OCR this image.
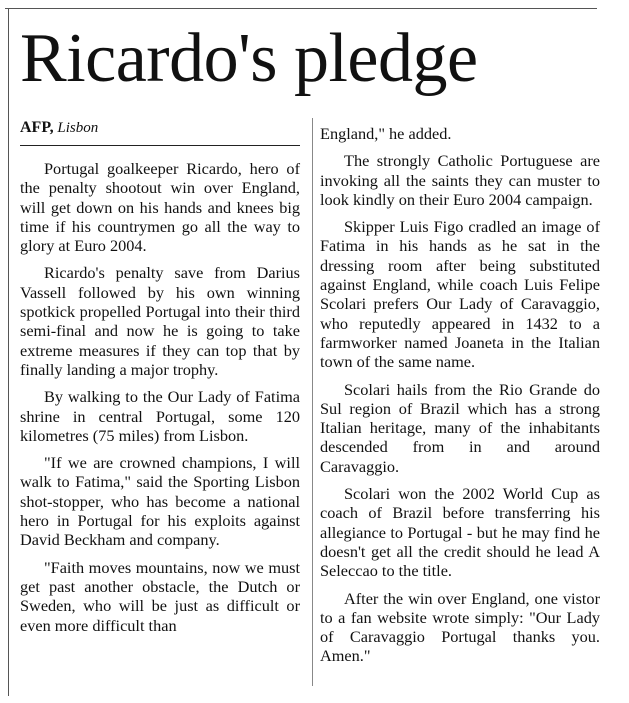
Ricardo's pledge
AFP, Lisbon

Portugal goalkeeper Ricardo, hero of the penalty shootout win over England, will get down on his hands and knees big time if his countrymen go all the way to glory at Euro 2004.

Ricardo's penalty save from Darius Vassell followed by his own winning spotkick propelled Portugal into their third semi-final and now he is going to take extreme measures if they can top that by finally landing a major trophy.

By walking to the Our Lady of Fatima shrine in central Portugal, some 120 kilometres (75 miles) from Lisbon.

"If we are crowned champions, I will walk to Fatima," said the Sporting Lisbon shot-stopper, who has become a national hero in Portugal for his exploits against David Beckham and company.

"Faith moves mountains, now we must get past another obstacle, the Dutch or Sweden, who will be just as difficult or even more difficult than

England," he added.

The strongly Catholic Portuguese are invoking all the saints they can muster to look kindly on their Euro 2004 campaign.

Skipper Luis Figo cradled an image of Fatima in his hands as he sat in the dressing room after being substituted against England, while coach Luis Felipe Scolari prefers Our Lady of Caravaggio, who reputedly appeared in 1432 to a farmworker named Joaneta in the Italian town of the same name.

Scolari hails from the Rio Grande do Sul region of Brazil which has a strong Italian heritage, many of the inhabitants descended from in and around Caravaggio.

Scolari won the 2002 World Cup as coach of Brazil before transferring his allegiance to Portugal - but he may find he doesn't get all the credit should he lead A Seleccao to the title.

After the win over England, one vistor to a fan website wrote simply: "Our Lady of Caravaggio Portugal thanks you. Amen."
